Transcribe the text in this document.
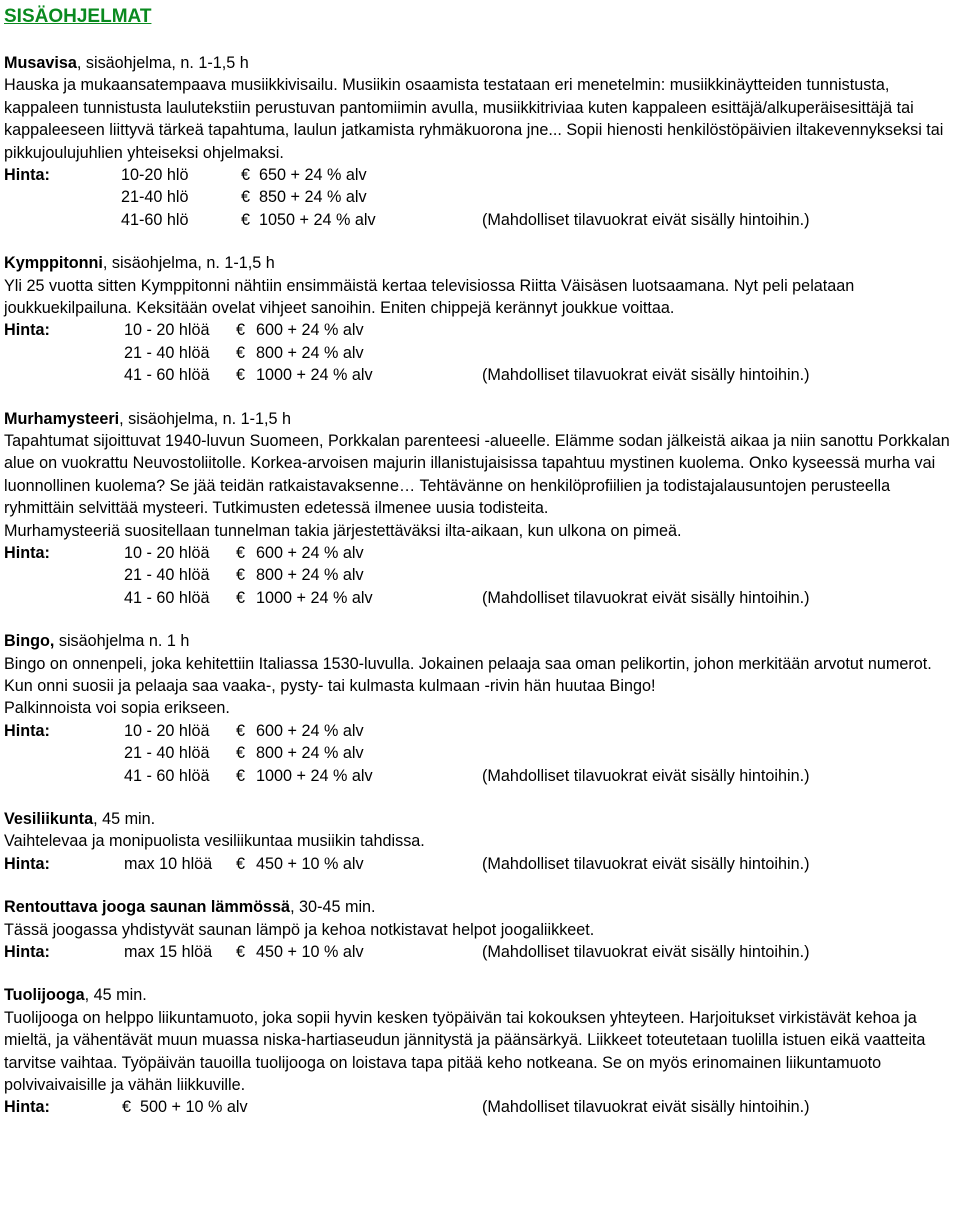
SISÄOHJELMAT

Musavisa, sisäohjelma, n. 1-1,5 h

Hauska ja mukaansatempaava musiikkivisailu. Musiikin osaamista testataan eri menetelmin: musiikkinäytteiden tunnistusta, kappaleen tunnistusta laulutekstiin perustuvan pantomiimin avulla, musiikkitriviaa kuten kappaleen esittäjä/alkuperäisesittäjä tai kappaleeseen liittyvä tärkeä tapahtuma, laulun jatkamista ryhmäkuorona jne... Sopii hienosti henkilöstöpäivien iltakevennykseksi tai pikkujoulujuhlien yhteiseksi ohjelmaksi.

Hinta:	10-20 hlö	€ 650 + 24 % alv
21-40 hlö	€ 850 + 24 % alv
41-60 hlö	€ 1050 + 24 % alv	(Mahdolliset tilavuokrat eivät sisälly hintoihin.)

Kymppitonni, sisäohjelma, n. 1-1,5 h

Yli 25 vuotta sitten Kymppitonni nähtiin ensimmäistä kertaa televisiossa Riitta Väisäsen luotsaamana. Nyt peli pelataan joukkuekilpailuna. Keksitään ovelat vihjeet sanoihin. Eniten chippejä kerännyt joukkue voittaa.

Hinta:	10 - 20 hlöä € 600 + 24 % alv
21 - 40 hlöä € 800 + 24 % alv
41 - 60 hlöä € 1000 + 24 % alv	(Mahdolliset tilavuokrat eivät sisälly hintoihin.)

Murhamysteeri, sisäohjelma, n. 1-1,5 h

Tapahtumat sijoittuvat 1940-luvun Suomeen, Porkkalan parenteesi -alueelle. Elämme sodan jälkeistä aikaa ja niin sanottu Porkkalan alue on vuokrattu Neuvostoliitolle. Korkea-arvoisen majurin illanistujaisissa tapahtuu mystinen kuolema. Onko kyseessä murha vai luonnollinen kuolema? Se jää teidän ratkaistavaksenne… Tehtävänne on henkilöprofiilien ja todistajalausuntojen perusteella ryhmittäin selvittää mysteeri. Tutkimusten edetessä ilmenee uusia todisteita.

Murhamysteeriä suositellaan tunnelman takia järjestettäväksi ilta-aikaan, kun ulkona on pimeä.

Hinta:	10 - 20 hlöä € 600 + 24 % alv
21 - 40 hlöä € 800 + 24 % alv
41 - 60 hlöä € 1000 + 24 % alv	(Mahdolliset tilavuokrat eivät sisälly hintoihin.)

Bingo, sisäohjelma n. 1 h

Bingo on onnenpeli, joka kehitettiin Italiassa 1530-luvulla. Jokainen pelaaja saa oman pelikortin, johon merkitään arvotut numerot. Kun onni suosii ja pelaaja saa vaaka-, pysty- tai kulmasta kulmaan -rivin hän huutaa Bingo!

Palkinnoista voi sopia erikseen.

Hinta:	10 - 20 hlöä € 600 + 24 % alv
21 - 40 hlöä € 800 + 24 % alv
41 - 60 hlöä € 1000 + 24 % alv	(Mahdolliset tilavuokrat eivät sisälly hintoihin.)

Vesiliikunta, 45 min.

Vaihtelevaa ja monipuolista vesiliikuntaa musiikin tahdissa.

Hinta:	max 10 hlöä € 450 + 10 % alv	(Mahdolliset tilavuokrat eivät sisälly hintoihin.)

Rentouttava jooga saunan lämmössä, 30-45 min.

Tässä joogassa yhdistyvät saunan lämpö ja kehoa notkistavat helpot joogaliikkeet.

Hinta:	max 15 hlöä € 450 + 10 % alv	(Mahdolliset tilavuokrat eivät sisälly hintoihin.)

Tuolijooga, 45 min.

Tuolijooga on helppo liikuntamuoto, joka sopii hyvin kesken työpäivän tai kokouksen yhteyteen. Harjoitukset virkistävät kehoa ja mieltä, ja vähentävät muun muassa niska-hartiaseudun jännitystä ja päänsärkyä. Liikkeet toteutetaan tuolilla istuen eikä vaatteita tarvitse vaihtaa. Työpäivän tauoilla tuolijooga on loistava tapa pitää keho notkeana. Se on myös erinomainen liikuntamuoto polvivaivaisille ja vähän liikkuville.

Hinta:	€ 500 + 10 % alv	(Mahdolliset tilavuokrat eivät sisälly hintoihin.)
